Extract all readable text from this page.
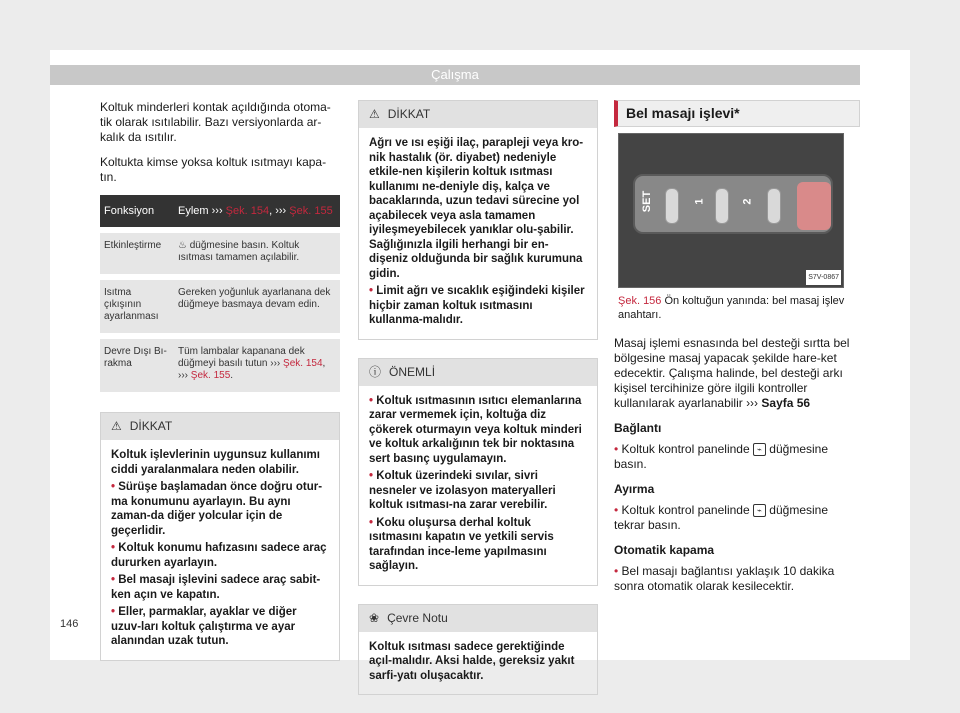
Çalışma

Koltuk minderleri kontak açıldığında otoma-tik olarak ısıtılabilir. Bazı versiyonlarda ar-kalık da ısıtılır.

Koltukta kimse yoksa koltuk ısıtmayı kapa-tın.

Fonksiyon	Eylem ››› Şek. 154, ››› Şek. 155
Etkinleştirme	♨ düğmesine basın. Koltuk ısıtması tamamen açılabilir.
Isıtma çıkışının ayarlanması	Gereken yoğunluk ayarlanana dek düğmeye basmaya devam edin.
Devre Dışı Bı-rakma	Tüm lambalar kapanana dek düğmeyi basılı tutun ››› Şek. 154, ››› Şek. 155.
⚠ DİKKAT

Koltuk işlevlerinin uygunsuz kullanımı ciddi yaralanmalara neden olabilir.

• Sürüşe başlamadan önce doğru otur-ma konumunu ayarlayın. Bu aynı zaman-da diğer yolcular için de geçerlidir.

• Koltuk konumu hafızasını sadece araç dururken ayarlayın.

• Bel masajı işlevini sadece araç sabit-ken açın ve kapatın.

• Eller, parmaklar, ayaklar ve diğer uzuv-ları koltuk çalıştırma ve ayar alanından uzak tutun.

⚠ DİKKAT

Ağrı ve ısı eşiği ilaç, parapleji veya kro-nik hastalık (ör. diyabet) nedeniyle etkile-nen kişilerin koltuk ısıtması kullanımı ne-deniyle diş, kalça ve bacaklarında, uzun tedavi sürecine yol açabilecek veya asla tamamen iyileşmeyebilecek yanıklar olu-şabilir. Sağlığınızla ilgili herhangi bir en-dişeniz olduğunda bir sağlık kurumuna gidin.

• Limit ağrı ve sıcaklık eşiğindeki kişiler hiçbir zaman koltuk ısıtmasını kullanma-malıdır.

ⓘ ÖNEMLİ

• Koltuk ısıtmasının ısıtıcı elemanlarına zarar vermemek için, koltuğa diz çökerek oturmayın veya koltuk minderi ve koltuk arkalığının tek bir noktasına sert basınç uygulamayın.

• Koltuk üzerindeki sıvılar, sivri nesneler ve izolasyon materyalleri koltuk ısıtması-na zarar verebilir.

• Koku oluşursa derhal koltuk ısıtmasını kapatın ve yetkili servis tarafından ince-leme yapılmasını sağlayın.

❀ Çevre Notu

Koltuk ısıtması sadece gerektiğinde açıl-malıdır. Aksi halde, gereksiz yakıt sarfi-yatı oluşacaktır.

Bel masajı işlevi*
SET	1	2
S7V-0867

Şek. 156 Ön koltuğun yanında: bel masaj işlev anahtarı.

Masaj işlemi esnasında bel desteği sırtta bel bölgesine masaj yapacak şekilde hare-ket edecektir. Çalışma halinde, bel desteği arkı kişisel tercihinize göre ilgili kontroller kullanılarak ayarlanabilir ››› Sayfa 56

Bağlantı

• Koltuk kontrol panelinde ⌁ düğmesine basın.

Ayırma

• Koltuk kontrol panelinde ⌁ düğmesine tekrar basın.

Otomatik kapama

• Bel masajı bağlantısı yaklaşık 10 dakika sonra otomatik olarak kesilecektir.

146
